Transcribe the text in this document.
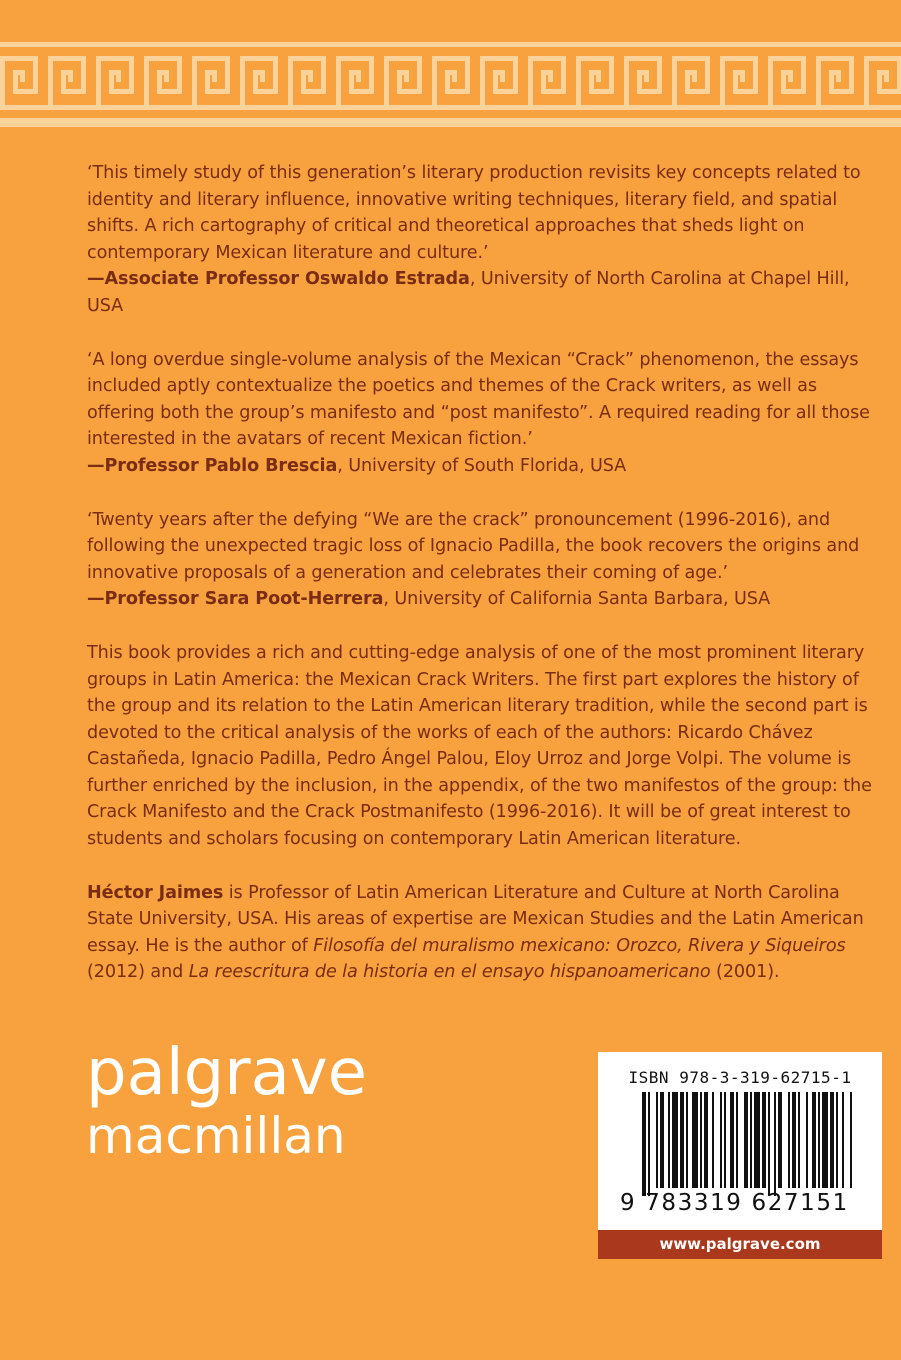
‘This timely study of this generation’s literary production revisits key concepts related to identity and literary influence, innovative writing techniques, literary field, and spatial shifts. A rich cartography of critical and theoretical approaches that sheds light on contemporary Mexican literature and culture.’

—Associate Professor Oswaldo Estrada, University of North Carolina at Chapel Hill, USA

‘A long overdue single-volume analysis of the Mexican “Crack” phenomenon, the essays included aptly contextualize the poetics and themes of the Crack writers, as well as offering both the group’s manifesto and “post manifesto”. A required reading for all those interested in the avatars of recent Mexican fiction.’

—Professor Pablo Brescia, University of South Florida, USA

‘Twenty years after the defying “We are the crack” pronouncement (1996-2016), and following the unexpected tragic loss of Ignacio Padilla, the book recovers the origins and innovative proposals of a generation and celebrates their coming of age.’

—Professor Sara Poot-Herrera, University of California Santa Barbara, USA

This book provides a rich and cutting-edge analysis of one of the most prominent literary groups in Latin America: the Mexican Crack Writers. The first part explores the history of the group and its relation to the Latin American literary tradition, while the second part is devoted to the critical analysis of the works of each of the authors: Ricardo Chávez Castañeda, Ignacio Padilla, Pedro Ángel Palou, Eloy Urroz and Jorge Volpi. The volume is further enriched by the inclusion, in the appendix, of the two manifestos of the group: the Crack Manifesto and the Crack Postmanifesto (1996-2016). It will be of great interest to students and scholars focusing on contemporary Latin American literature.

Héctor Jaimes is Professor of Latin American Literature and Culture at North Carolina State University, USA. His areas of expertise are Mexican Studies and the Latin American essay. He is the author of Filosofía del muralismo mexicano: Orozco, Rivera y Siqueiros (2012) and La reescritura de la historia en el ensayo hispanoamericano (2001).

palgrave
macmillan
ISBN 978-3-319-62715-1
9 783319 627151
www.palgrave.com
